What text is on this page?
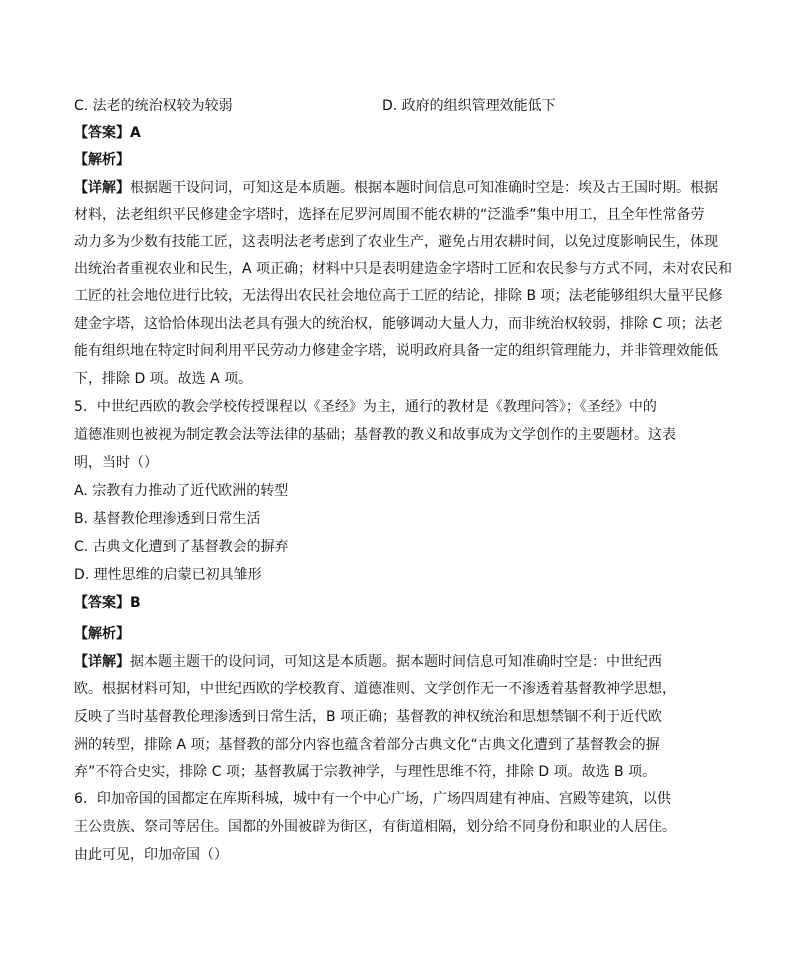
C. 法老的统治权较为较弱	D. 政府的组织管理效能低下
【答案】A
【解析】
【详解】根据题干设问词，可知这是本质题。根据本题时间信息可知准确时空是：埃及古王国时期。根据
材料，法老组织平民修建金字塔时，选择在尼罗河周围不能农耕的“泛滥季”集中用工，且全年性常备劳
动力多为少数有技能工匠，这表明法老考虑到了农业生产，避免占用农耕时间，以免过度影响民生，体现
出统治者重视农业和民生，A 项正确；材料中只是表明建造金字塔时工匠和农民参与方式不同，未对农民和
工匠的社会地位进行比较，无法得出农民社会地位高于工匠的结论，排除 B 项；法老能够组织大量平民修
建金字塔，这恰恰体现出法老具有强大的统治权，能够调动大量人力，而非统治权较弱，排除 C 项；法老
能有组织地在特定时间利用平民劳动力修建金字塔，说明政府具备一定的组织管理能力，并非管理效能低
下，排除 D 项。故选 A 项。
5．中世纪西欧的教会学校传授课程以《圣经》为主，通行的教材是《教理问答》；《圣经》中的
道德准则也被视为制定教会法等法律的基础；基督教的教义和故事成为文学创作的主要题材。这表
明，当时（）
A. 宗教有力推动了近代欧洲的转型
B. 基督教伦理渗透到日常生活
C. 古典文化遭到了基督教会的摒弃
D. 理性思维的启蒙已初具雏形
【答案】B
【解析】
【详解】据本题主题干的设问词，可知这是本质题。据本题时间信息可知准确时空是：中世纪西
欧。根据材料可知，中世纪西欧的学校教育、道德准则、文学创作无一不渗透着基督教神学思想，
反映了当时基督教伦理渗透到日常生活，B 项正确；基督教的神权统治和思想禁锢不利于近代欧
洲的转型，排除 A 项；基督教的部分内容也蕴含着部分古典文化“古典文化遭到了基督教会的摒
弃”不符合史实，排除 C 项；基督教属于宗教神学，与理性思维不符，排除 D 项。故选 B 项。
6．印加帝国的国都定在库斯科城，城中有一个中心广场，广场四周建有神庙、宫殿等建筑，以供
王公贵族、祭司等居住。国都的外围被辟为街区，有街道相隔，划分给不同身份和职业的人居住。
由此可见，印加帝国（）
